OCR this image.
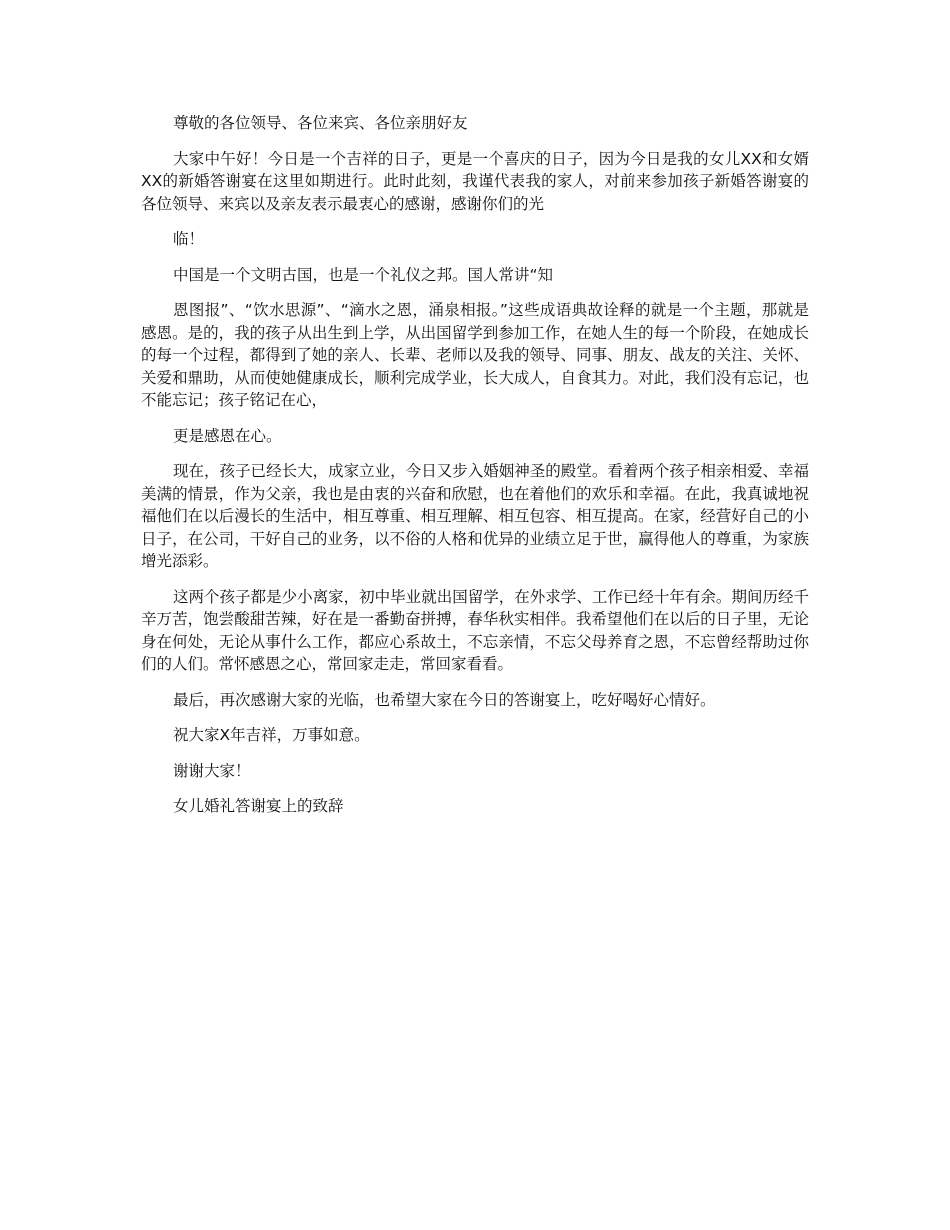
尊敬的各位领导、各位来宾、各位亲朋好友

大家中午好！今日是一个吉祥的日子，更是一个喜庆的日子，因为今日是我的女儿XX和女婿XX的新婚答谢宴在这里如期进行。此时此刻，我谨代表我的家人，对前来参加孩子新婚答谢宴的各位领导、来宾以及亲友表示最衷心的感谢，感谢你们的光

临！

中国是一个文明古国，也是一个礼仪之邦。国人常讲“知

恩图报”、“饮水思源”、“滴水之恩，涌泉相报。”这些成语典故诠释的就是一个主题，那就是感恩。是的，我的孩子从出生到上学，从出国留学到参加工作，在她人生的每一个阶段，在她成长的每一个过程，都得到了她的亲人、长辈、老师以及我的领导、同事、朋友、战友的关注、关怀、关爱和鼎助，从而使她健康成长，顺利完成学业，长大成人，自食其力。对此，我们没有忘记，也不能忘记；孩子铭记在心，

更是感恩在心。

现在，孩子已经长大，成家立业，今日又步入婚姻神圣的殿堂。看着两个孩子相亲相爱、幸福美满的情景，作为父亲，我也是由衷的兴奋和欣慰，也在着他们的欢乐和幸福。在此，我真诚地祝福他们在以后漫长的生活中，相互尊重、相互理解、相互包容、相互提高。在家，经营好自己的小日子，在公司，干好自己的业务，以不俗的人格和优异的业绩立足于世，赢得他人的尊重，为家族增光添彩。

这两个孩子都是少小离家，初中毕业就出国留学，在外求学、工作已经十年有余。期间历经千辛万苦，饱尝酸甜苦辣，好在是一番勤奋拼搏，春华秋实相伴。我希望他们在以后的日子里，无论身在何处，无论从事什么工作，都应心系故土，不忘亲情，不忘父母养育之恩，不忘曾经帮助过你们的人们。常怀感恩之心，常回家走走，常回家看看。

最后，再次感谢大家的光临，也希望大家在今日的答谢宴上，吃好喝好心情好。

祝大家X年吉祥，万事如意。

谢谢大家！

女儿婚礼答谢宴上的致辞
